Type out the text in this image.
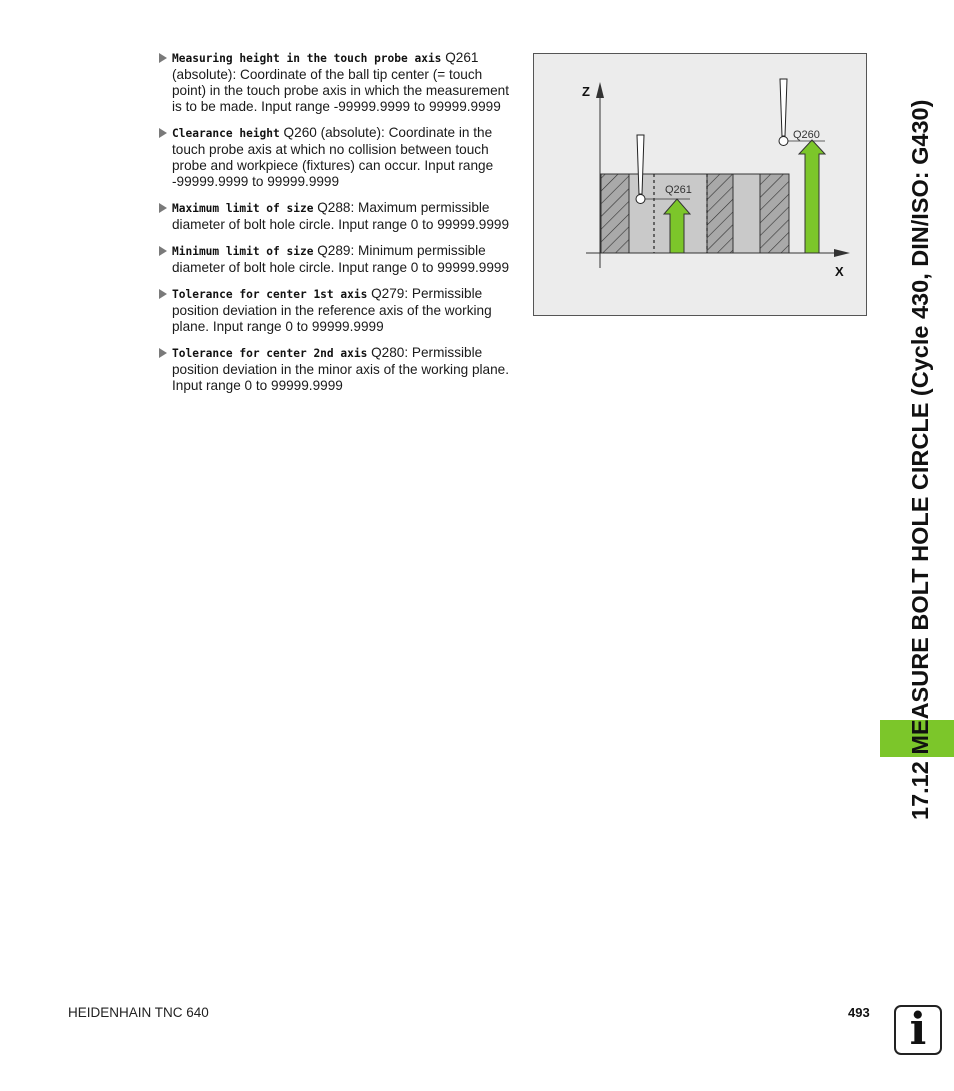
Measuring height in the touch probe axis Q261 (absolute): Coordinate of the ball tip center (= touch point) in the touch probe axis in which the measurement is to be made. Input range -99999.9999 to 99999.9999
Clearance height Q260 (absolute): Coordinate in the touch probe axis at which no collision between touch probe and workpiece (fixtures) can occur. Input range -99999.9999 to 99999.9999
Maximum limit of size Q288: Maximum permissible diameter of bolt hole circle. Input range 0 to 99999.9999
Minimum limit of size Q289: Minimum permissible diameter of bolt hole circle. Input range 0 to 99999.9999
Tolerance for center 1st axis Q279: Permissible position deviation in the reference axis of the working plane. Input range 0 to 99999.9999
Tolerance for center 2nd axis Q280: Permissible position deviation in the minor axis of the working plane. Input range 0 to 99999.9999
Z
X
Q261
Q260	17.12 MEASURE BOLT HOLE CIRCLE (Cycle 430, DIN/ISO: G430)
HEIDENHAIN TNC 640	493 i
